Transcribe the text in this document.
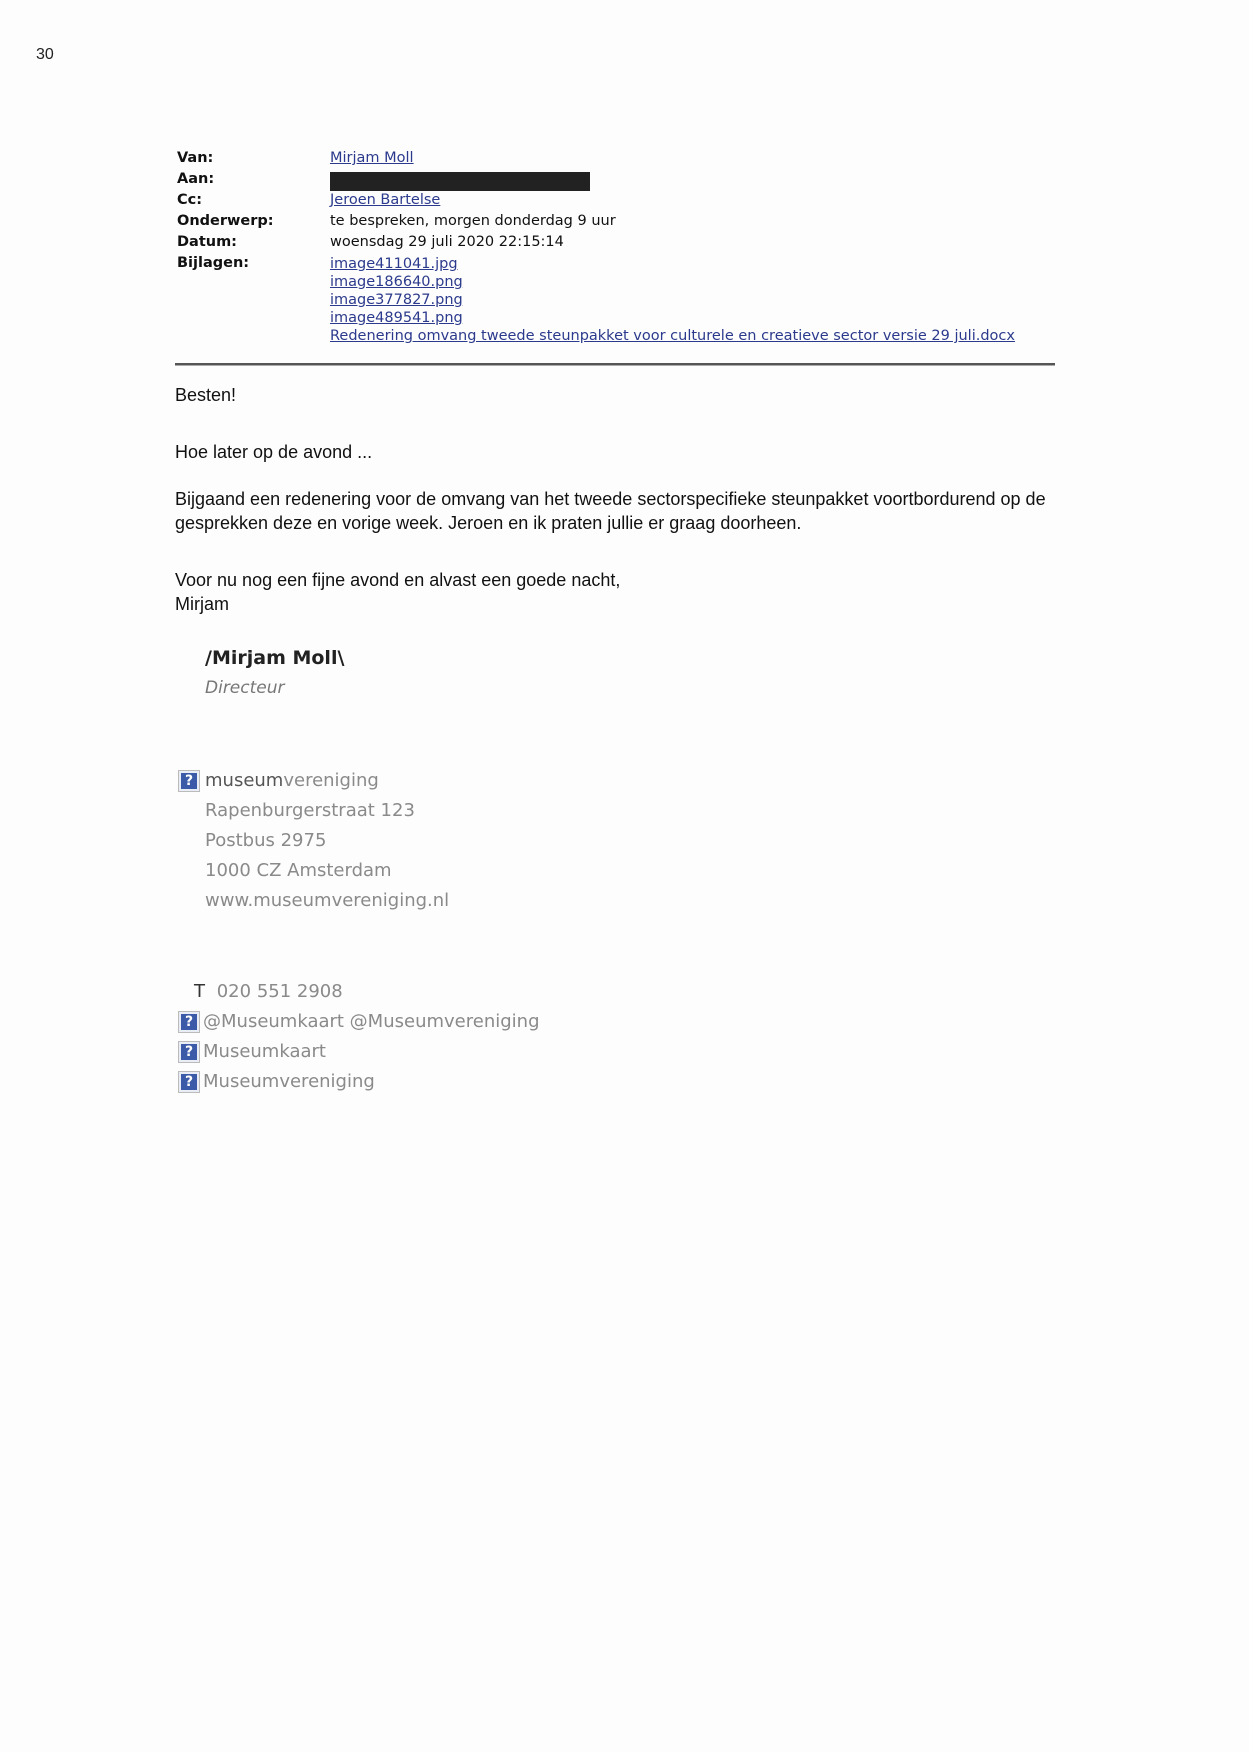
30
Van:	Mirjam Moll
Aan:
Cc:	Jeroen Bartelse
Onderwerp:	te bespreken, morgen donderdag 9 uur
Datum:	woensdag 29 juli 2020 22:15:14
Bijlagen:	image411041.jpg
image186640.png
image377827.png
image489541.png
Redenering omvang tweede steunpakket voor culturele en creatieve sector versie 29 juli.docx

Besten!

Hoe later op de avond ...

Bijgaand een redenering voor de omvang van het tweede sectorspecifieke steunpakket voortbordurend op de gesprekken deze en vorige week. Jeroen en ik praten jullie er graag doorheen.

Voor nu nog een fijne avond en alvast een goede nacht,

Mirjam

/Mirjam Moll\
Directeur
? museumvereniging
Rapenburgerstraat 123
Postbus 2975
1000 CZ Amsterdam
www.museumvereniging.nl
T 020 551 2908
? @Museumkaart @Museumvereniging
? Museumkaart
? Museumvereniging
